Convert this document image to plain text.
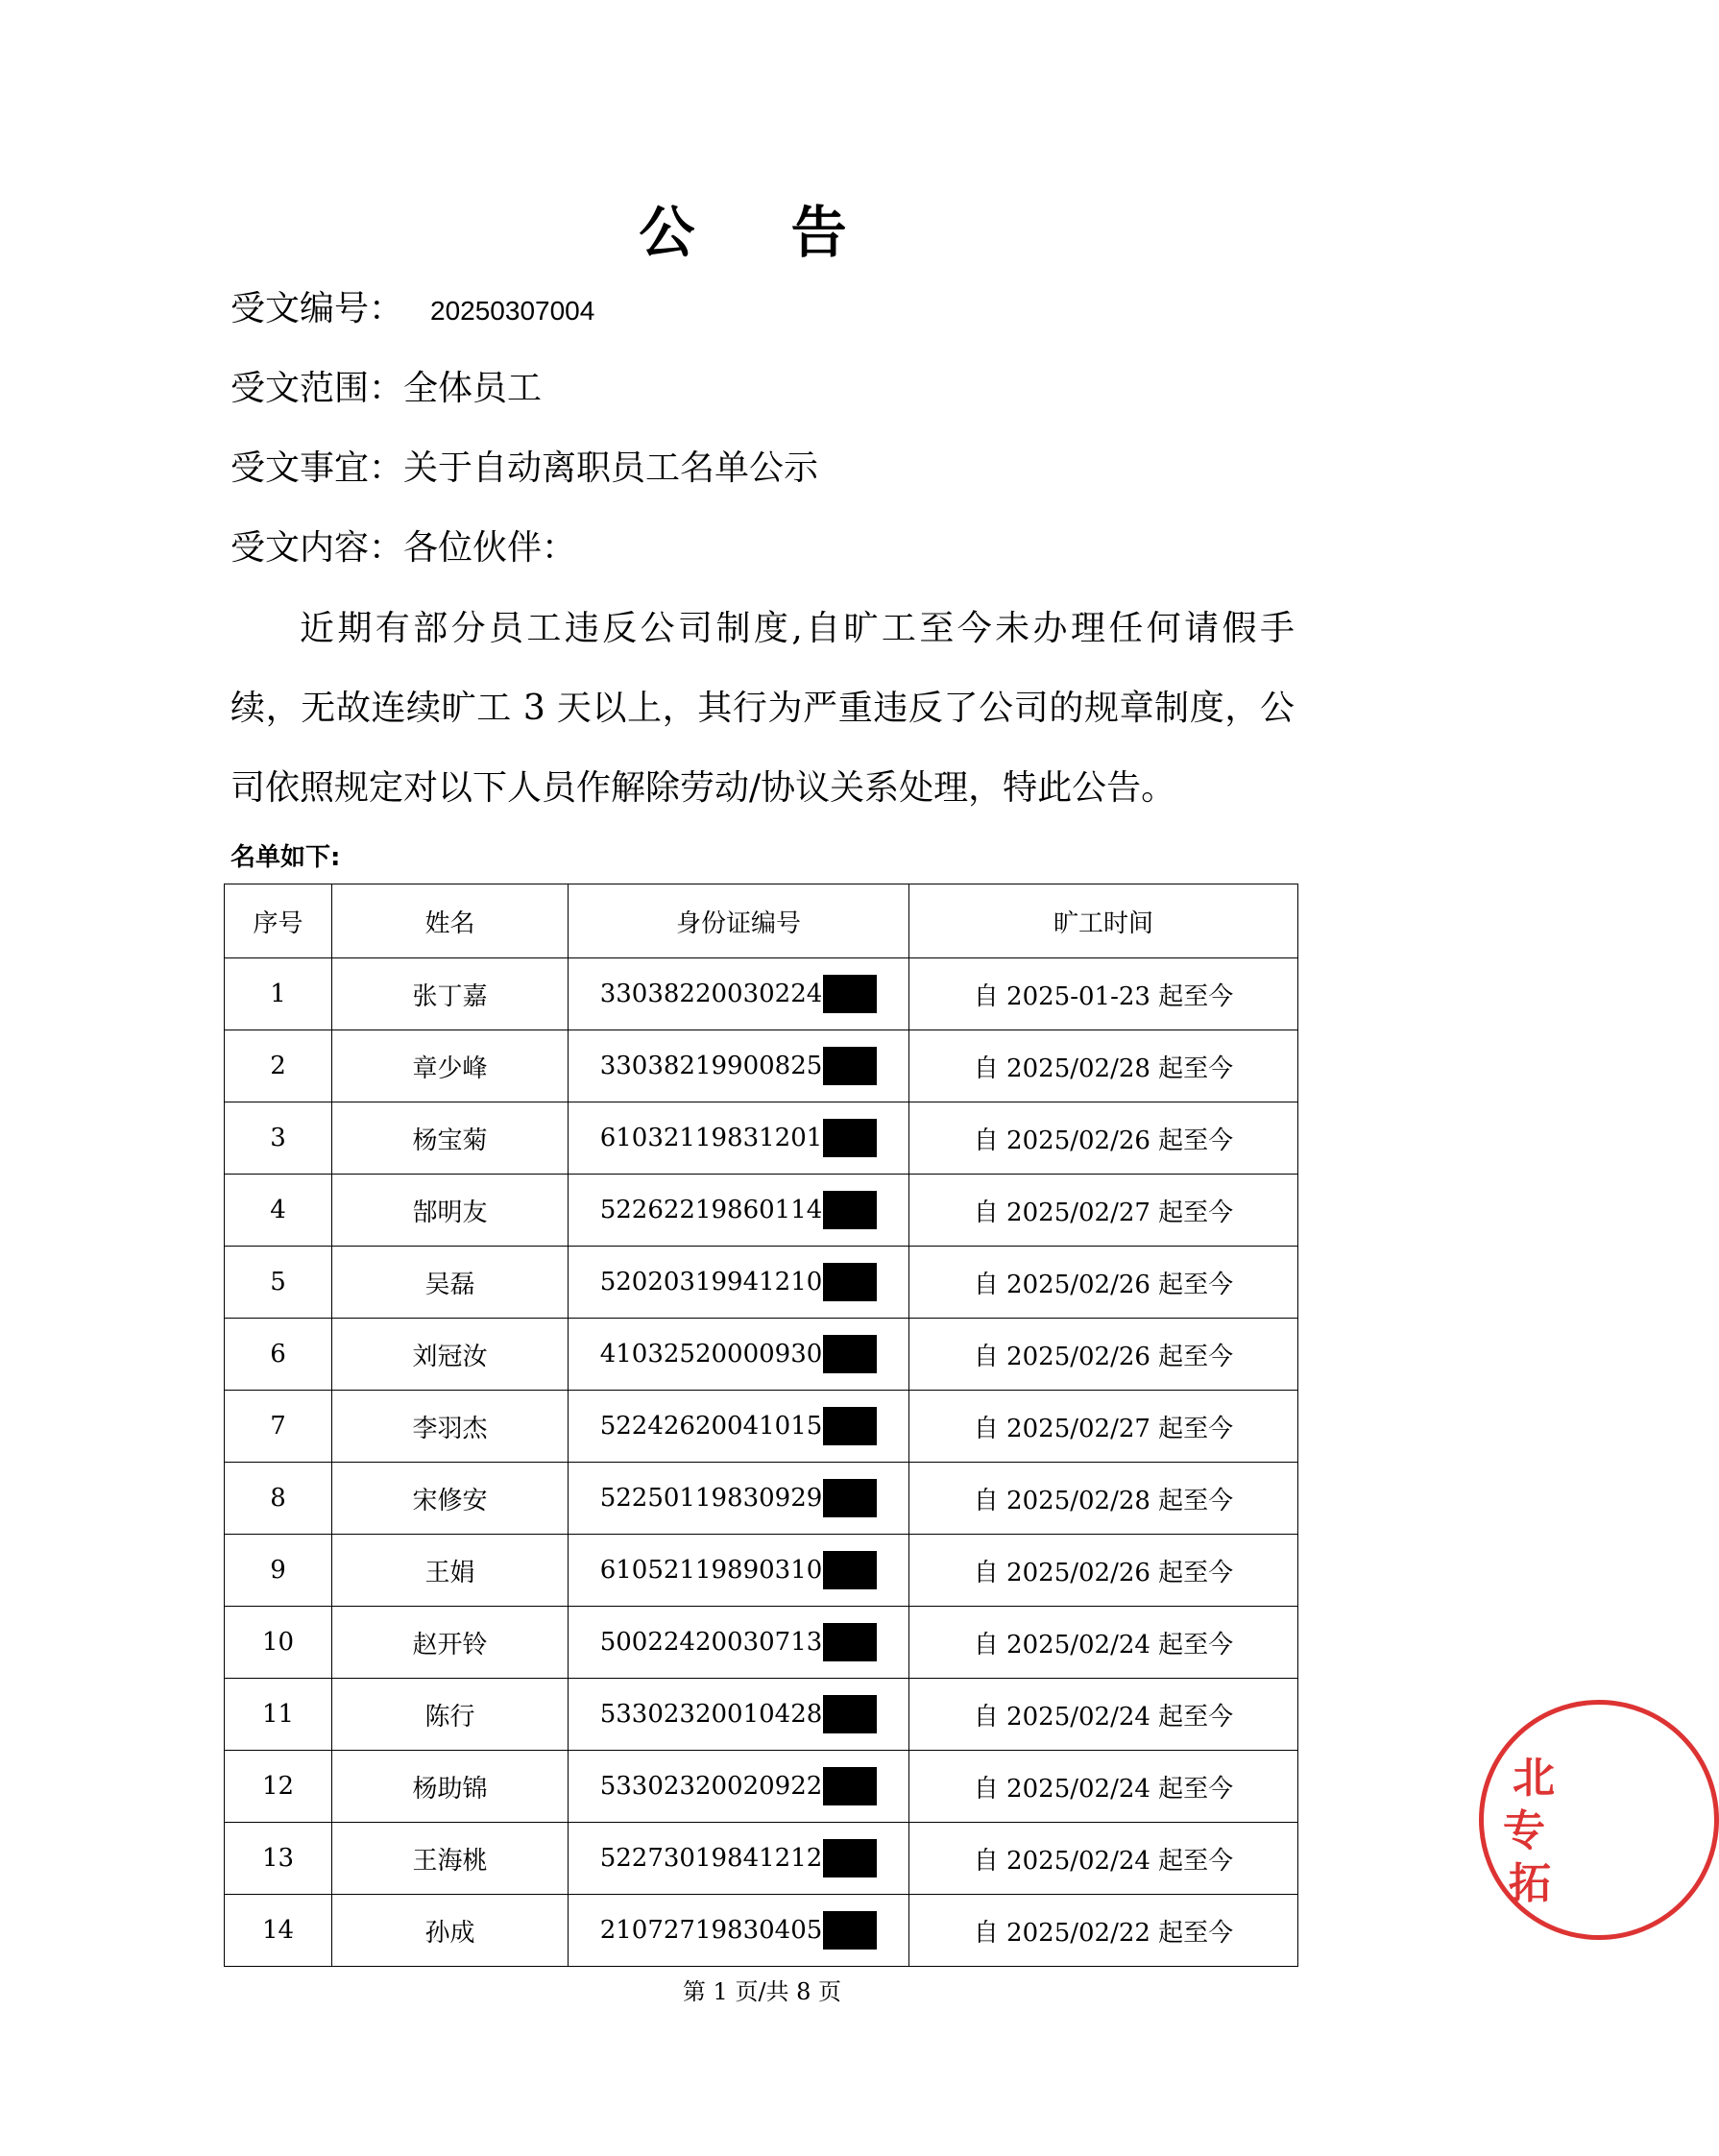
公 告
受文编号： 20250307004
受文范围：全体员工
受文事宜：关于自动离职员工名单公示
受文内容：各位伙伴：
近期有部分员工违反公司制度,自旷工至今未办理任何请假手
续，无故连续旷工 3 天以上，其行为严重违反了公司的规章制度，公
司依照规定对以下人员作解除劳动/协议关系处理，特此公告。
名单如下:
序号	姓名	身份证编号	旷工时间
1	张丁嘉	33038220030224	自 2025-01-23 起至今
2	章少峰	33038219900825	自 2025/02/28 起至今
3	杨宝菊	61032119831201	自 2025/02/26 起至今
4	郜明友	52262219860114	自 2025/02/27 起至今
5	吴磊	52020319941210	自 2025/02/26 起至今
6	刘冠汝	41032520000930	自 2025/02/26 起至今
7	李羽杰	52242620041015	自 2025/02/27 起至今
8	宋修安	52250119830929	自 2025/02/28 起至今
9	王娟	61052119890310	自 2025/02/26 起至今
10	赵开铃	50022420030713	自 2025/02/24 起至今
11	陈行	53302320010428	自 2025/02/24 起至今
12	杨助锦	53302320020922	自 2025/02/24 起至今
13	王海桃	52273019841212	自 2025/02/24 起至今
14	孙成	21072719830405	自 2025/02/22 起至今
第 1 页/共 8 页
北
专
拓
